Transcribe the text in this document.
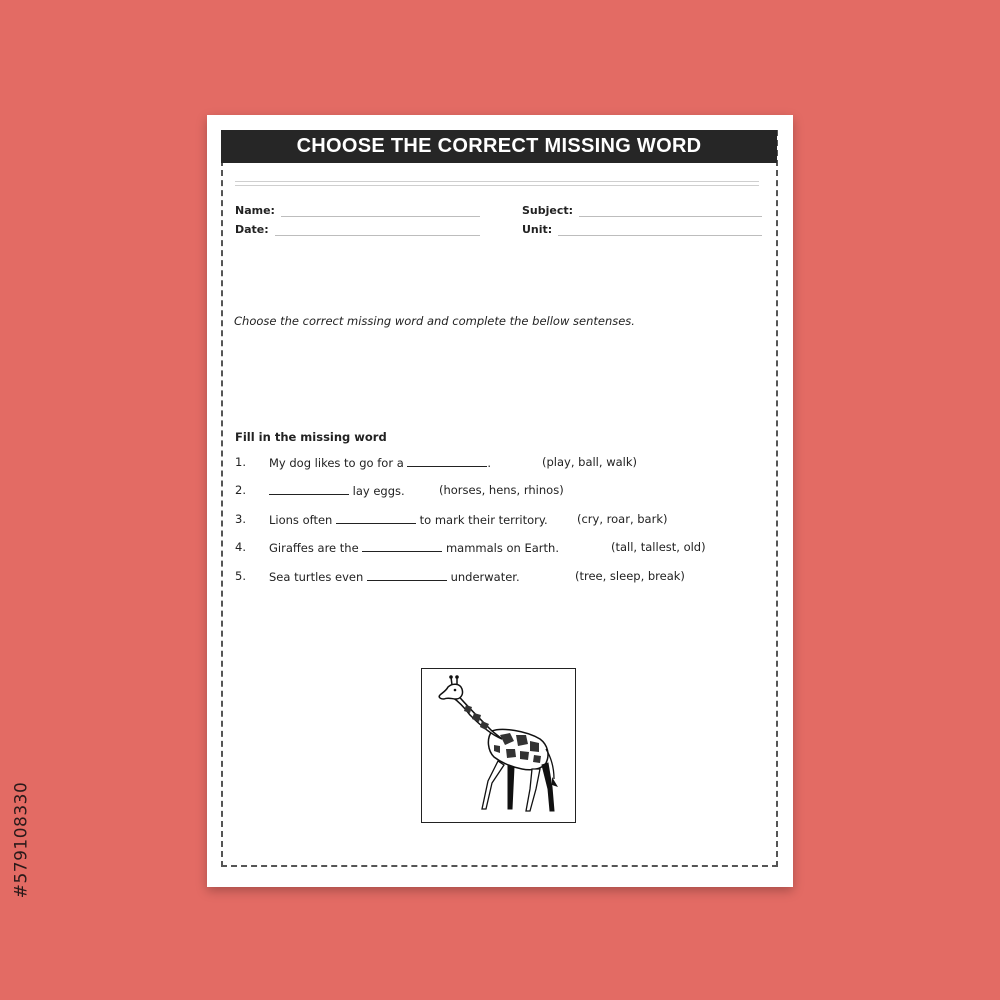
#579108330
CHOOSE THE CORRECT MISSING WORD
Name:
Date:
Subject:
Unit:
Choose the correct missing word and complete the bellow sentenses.
Fill in the missing word
1. My dog likes to go for a	.	(play, ball, walk)
2.	lay eggs.	(horses, hens, rhinos)
3. Lions often	to mark their territory.	(cry, roar, bark)
4. Giraffes are the	mammals on Earth.	(tall, tallest, old)
5. Sea turtles even	underwater.	(tree, sleep, break)
